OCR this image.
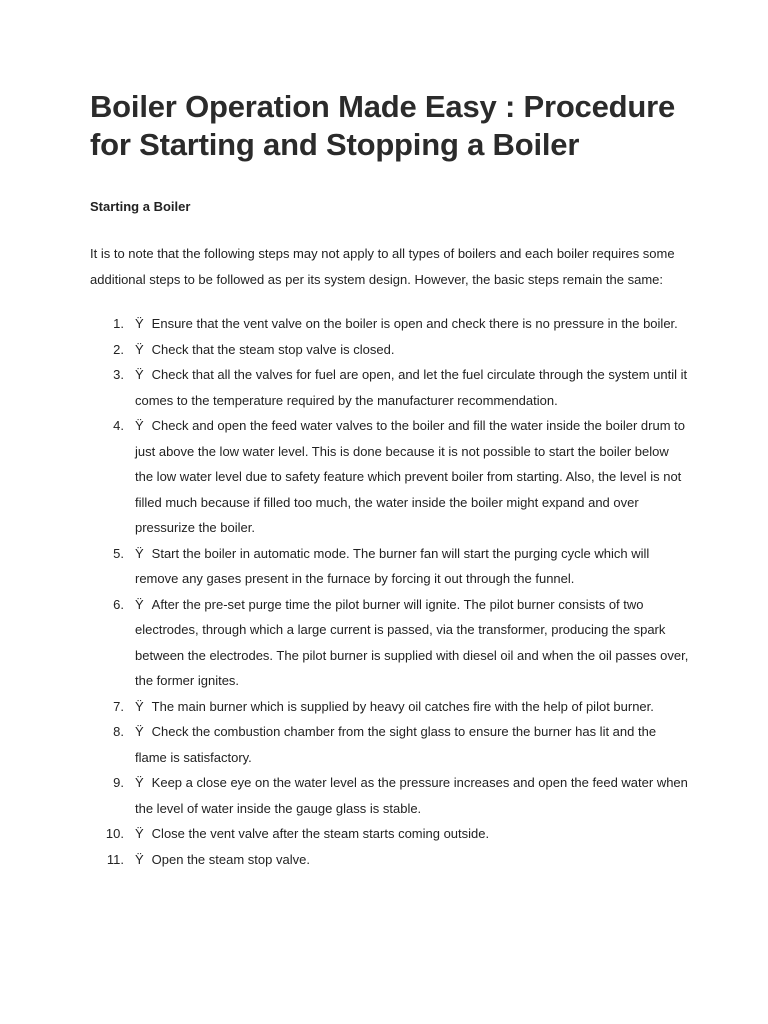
Boiler Operation Made Easy : Procedure for Starting and Stopping a Boiler
Starting a Boiler

It is to note that the following steps may not apply to all types of boilers and each boiler requires some additional steps to be followed as per its system design. However, the basic steps remain the same:

1. Ÿ Ensure that the vent valve on the boiler is open and check there is no pressure in the boiler.
2. Ÿ Check that the steam stop valve is closed.
3. Ÿ Check that all the valves for fuel are open, and let the fuel circulate through the system until it comes to the temperature required by the manufacturer recommendation.
4. Ÿ Check and open the feed water valves to the boiler and fill the water inside the boiler drum to just above the low water level. This is done because it is not possible to start the boiler below the low water level due to safety feature which prevent boiler from starting. Also, the level is not filled much because if filled too much, the water inside the boiler might expand and over pressurize the boiler.
5. Ÿ Start the boiler in automatic mode. The burner fan will start the purging cycle which will remove any gases present in the furnace by forcing it out through the funnel.
6. Ÿ After the pre-set purge time the pilot burner will ignite. The pilot burner consists of two electrodes, through which a large current is passed, via the transformer, producing the spark between the electrodes. The pilot burner is supplied with diesel oil and when the oil passes over, the former ignites.
7. Ÿ The main burner which is supplied by heavy oil catches fire with the help of pilot burner.
8. Ÿ Check the combustion chamber from the sight glass to ensure the burner has lit and the flame is satisfactory.
9. Ÿ Keep a close eye on the water level as the pressure increases and open the feed water when the level of water inside the gauge glass is stable.
10. Ÿ Close the vent valve after the steam starts coming outside.
11. Ÿ Open the steam stop valve.
